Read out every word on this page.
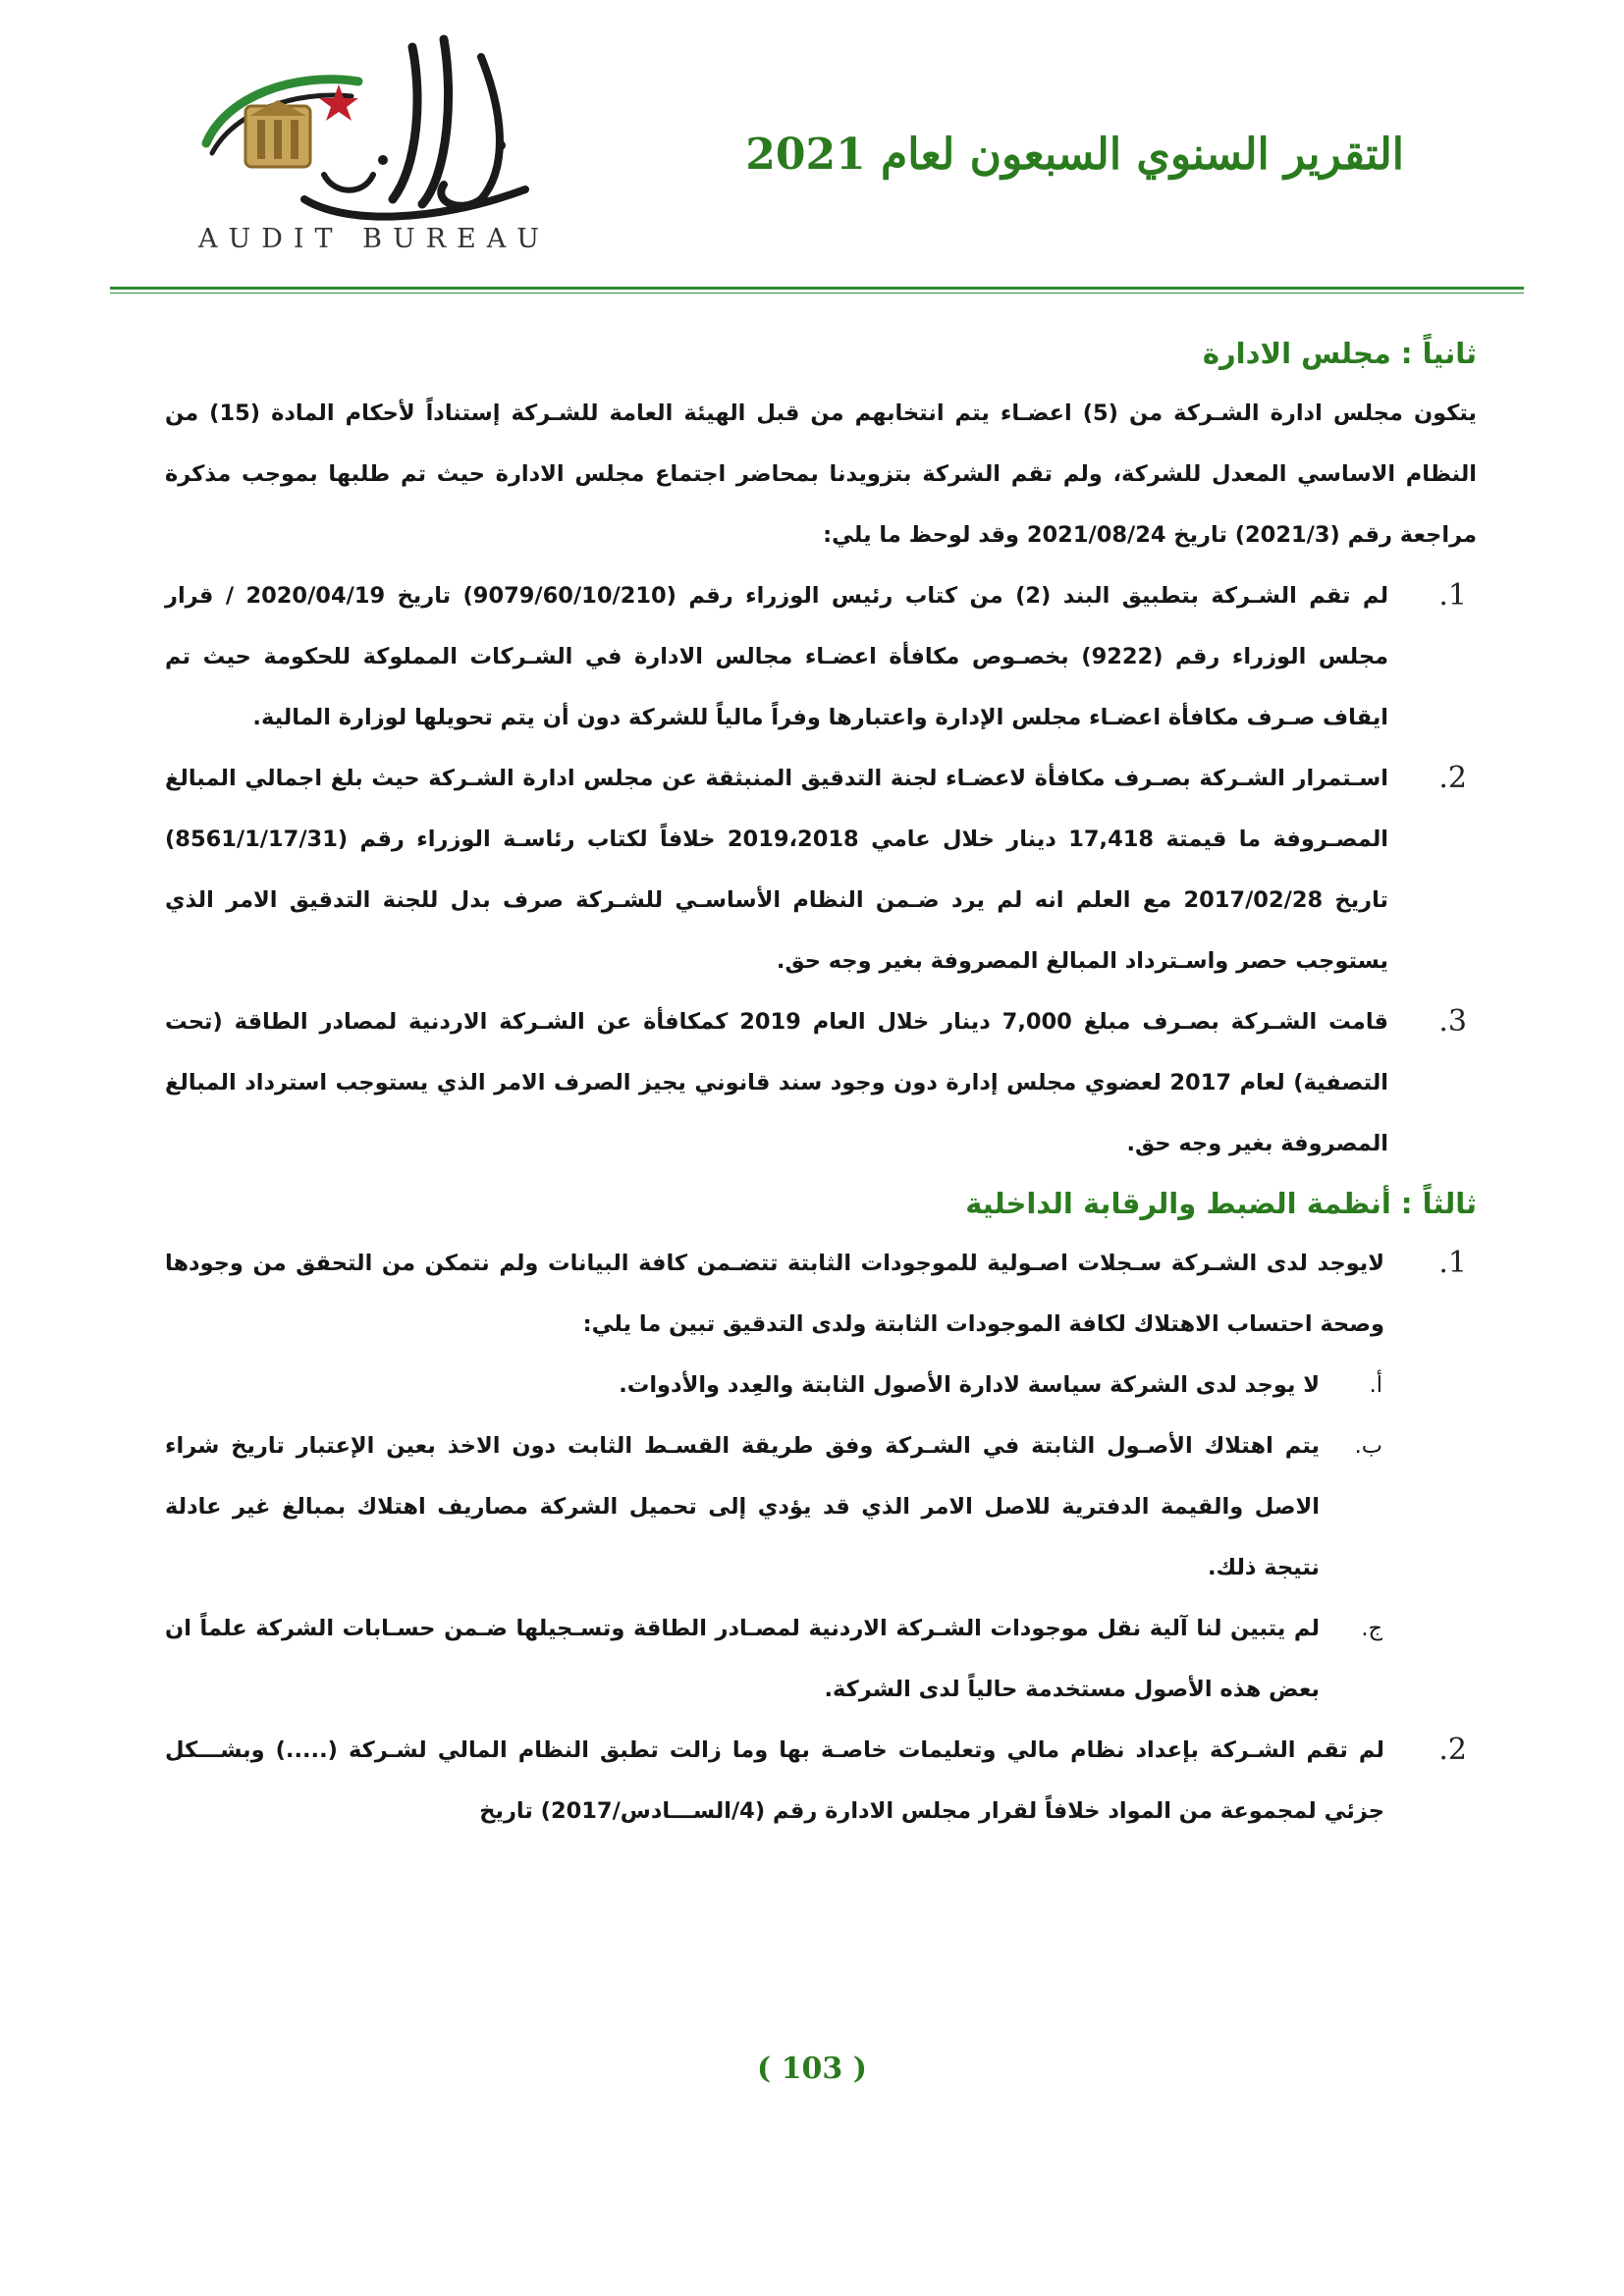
AUDIT BUREAU
التقرير السنوي السبعون لعام 2021
ثانياً : مجلس الادارة

يتكون مجلس ادارة الشـركة من (5) اعضـاء يتم انتخابهم من قبل الهيئة العامة للشـركة إستناداً لأحكام المادة (15) من النظام الاساسي المعدل للشركة، ولم تقم الشركة بتزويدنا بمحاضر اجتماع مجلس الادارة حيث تم طلبها بموجب مذكرة مراجعة رقم (2021/3) تاريخ 2021/08/24 وقد لوحظ ما يلي:

1.
لم تقم الشـركة بتطبيق البند (2) من كتاب رئيس الوزراء رقم (9079/60/10/210) تاريخ 2020/04/19 / قرار مجلس الوزراء رقم (9222) بخصـوص مكافأة اعضـاء مجالس الادارة في الشـركات المملوكة للحكومة حيث تم ايقاف صـرف مكافأة اعضـاء مجلس الإدارة واعتبارها وفراً مالياً للشركة دون أن يتم تحويلها لوزارة المالية.
2.
اسـتمرار الشـركة بصـرف مكافأة لاعضـاء لجنة التدقيق المنبثقة عن مجلس ادارة الشـركة حيث بلغ اجمالي المبالغ المصـروفة ما قيمتة 17,418 دينار خلال عامي 2019،2018 خلافاً لكتاب رئاسـة الوزراء رقم (8561/1/17/31) تاريخ 2017/02/28 مع العلم انه لم يرد ضـمن النظام الأساسـي للشـركة صرف بدل للجنة التدقيق الامر الذي يستوجب حصر واسـترداد المبالغ المصروفة بغير وجه حق.
3.
قامت الشـركة بصـرف مبلغ 7,000 دينار خلال العام 2019 كمكافأة عن الشـركة الاردنية لمصادر الطاقة (تحت التصفية) لعام 2017 لعضوي مجلس إدارة دون وجود سند قانوني يجيز الصرف الامر الذي يستوجب استرداد المبالغ المصروفة بغير وجه حق.
ثالثاً : أنظمة الضبط والرقابة الداخلية
1.
لايوجد لدى الشـركة سـجلات اصـولية للموجودات الثابتة تتضـمن كافة البيانات ولم نتمكن من التحقق من وجودها وصحة احتساب الاهتلاك لكافة الموجودات الثابتة ولدى التدقيق تبين ما يلي:
أ.
لا يوجد لدى الشركة سياسة لادارة الأصول الثابتة والعِدد والأدوات.
ب.
يتم اهتلاك الأصـول الثابتة في الشـركة وفق طريقة القسـط الثابت دون الاخذ بعين الإعتبار تاريخ شراء الاصل والقيمة الدفترية للاصل الامر الذي قد يؤدي إلى تحميل الشركة مصاريف اهتلاك بمبالغ غير عادلة نتيجة ذلك.
ج.
لم يتبين لنا آلية نقل موجودات الشـركة الاردنية لمصـادر الطاقة وتسـجيلها ضـمن حسـابات الشركة علماً ان بعض هذه الأصول مستخدمة حالياً لدى الشركة.
2.
لم تقم الشـركة بإعداد نظام مالي وتعليمات خاصـة بها وما زالت تطبق النظام المالي لشـركة (.....) وبشـــكل جزئي لمجموعة من المواد خلافاً لقرار مجلس الادارة رقم (4/الســـادس/2017) تاريخ
( 103 )
